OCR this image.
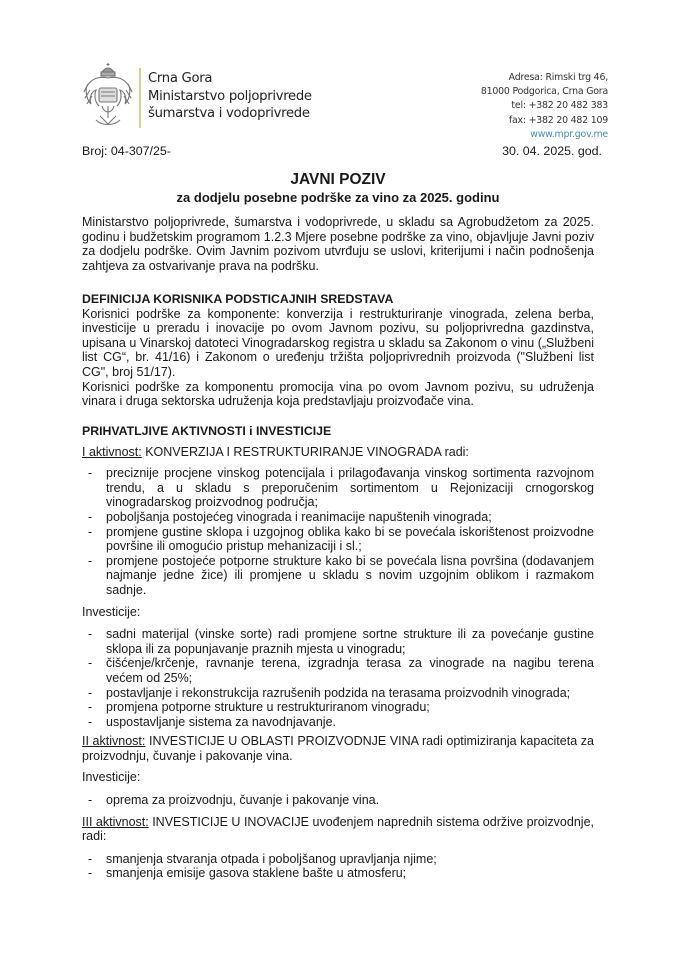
Crna Gora
Ministarstvo poljoprivrede
šumarstva i vodoprivrede
Adresa: Rimski trg 46,
81000 Podgorica, Crna Gora
tel: +382 20 482 383
fax: +382 20 482 109
www.mpr.gov.me
Broj: 04-307/25-	30. 04. 2025. god.
JAVNI POZIV
za dodjelu posebne podrške za vino za 2025. godinu

Ministarstvo poljoprivrede, šumarstva i vodoprivrede, u skladu sa Agrobudžetom za 2025. godinu i budžetskim programom 1.2.3 Mjere posebne podrške za vino, objavljuje Javni poziv za dodjelu podrške. Ovim Javnim pozivom utvrđuju se uslovi, kriterijumi i način podnošenja zahtjeva za ostvarivanje prava na podršku.

DEFINICIJA KORISNIKA PODSTICAJNIH SREDSTAVA

Korisnici podrške za komponente: konverzija i restrukturiranje vinograda, zelena berba, investicije u preradu i inovacije po ovom Javnom pozivu, su poljoprivredna gazdinstva, upisana u Vinarskoj datoteci Vinogradarskog registra u skladu sa Zakonom o vinu („Službeni list CG“, br. 41/16) i Zakonom o uređenju tržišta poljoprivrednih proizvoda ("Službeni list CG", broj 51/17).

Korisnici podrške za komponentu promocija vina po ovom Javnom pozivu, su udruženja vinara i druga sektorska udruženja koja predstavljaju proizvođače vina.

PRIHVATLJIVE AKTIVNOSTI i INVESTICIJE

I aktivnost: KONVERZIJA I RESTRUKTURIRANJE VINOGRADA radi:

- preciznije procjene vinskog potencijala i prilagođavanja vinskog sortimenta razvojnom trendu, a u skladu s preporučenim sortimentom u Rejonizaciji crnogorskog vinogradarskog proizvodnog područja;
- poboljšanja postojećeg vinograda i reanimacije napuštenih vinograda;
- promjene gustine sklopa i uzgojnog oblika kako bi se povećala iskorištenost proizvodne površine ili omogućio pristup mehanizaciji i sl.;
- promjene postojeće potporne strukture kako bi se povećala lisna površina (dodavanjem najmanje jedne žice) ili promjene u skladu s novim uzgojnim oblikom i razmakom sadnje.

Investicije:

- sadni materijal (vinske sorte) radi promjene sortne strukture ili za povećanje gustine sklopa ili za popunjavanje praznih mjesta u vinogradu;
- čišćenje/krčenje, ravnanje terena, izgradnja terasa za vinograde na nagibu terena većem od 25%;
- postavljanje i rekonstrukcija razrušenih podzida na terasama proizvodnih vinograda;
- promjena potporne strukture u restrukturiranom vinogradu;
- uspostavljanje sistema za navodnjavanje.

II aktivnost: INVESTICIJE U OBLASTI PROIZVODNJE VINA radi optimiziranja kapaciteta za proizvodnju, čuvanje i pakovanje vina.

Investicije:

- oprema za proizvodnju, čuvanje i pakovanje vina.

III aktivnost: INVESTICIJE U INOVACIJE uvođenjem naprednih sistema održive proizvodnje, radi:

- smanjenja stvaranja otpada i poboljšanog upravljanja njime;
- smanjenja emisije gasova staklene bašte u atmosferu;
